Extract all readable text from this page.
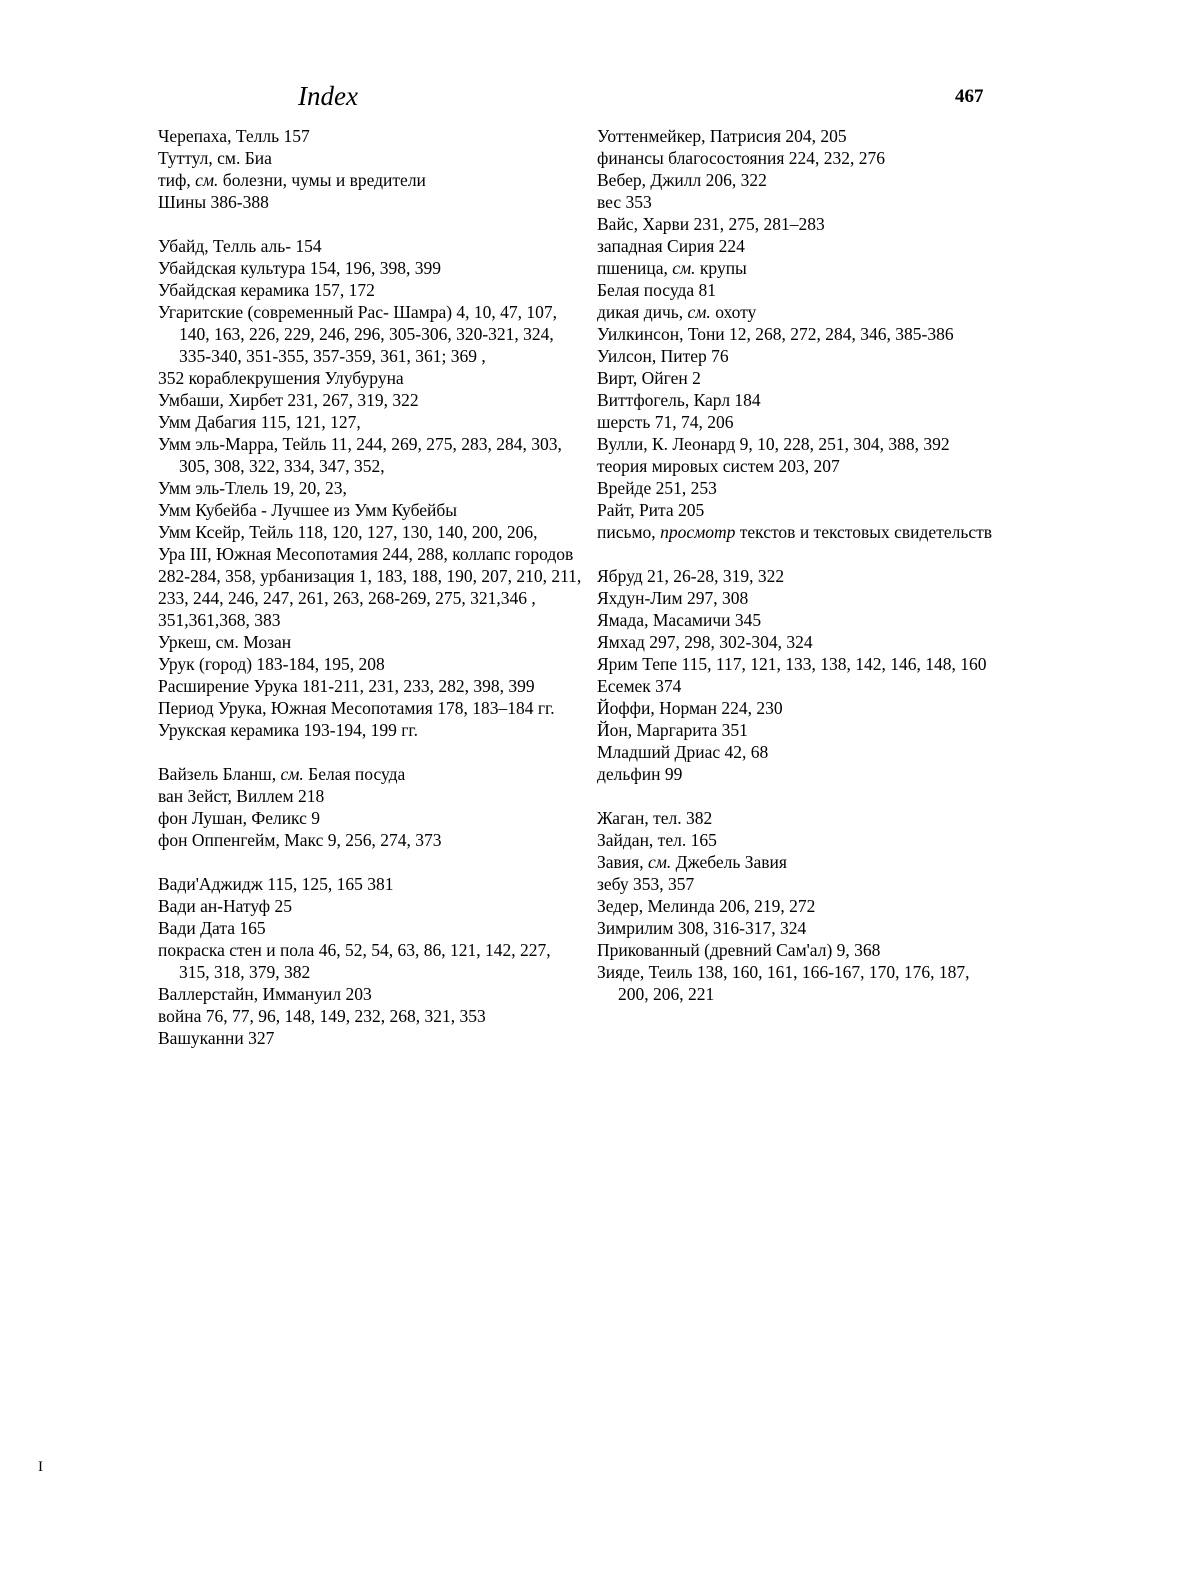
Index	467
Черепаха, Телль 157
Туттул, см. Биа
тиф, см. болезни, чумы и вредители
Шины 386-388
Убайд, Телль аль- 154
Убайдская культура 154, 196, 398, 399
Убайдская керамика 157, 172
Угаритские (современный Рас- Шамра) 4, 10, 47, 107, 140, 163, 226, 229, 246, 296, 305-306, 320-321, 324, 335-340, 351-355, 357-359, 361, 361; 369 ,
352 кораблекрушения Улубуруна
Умбаши, Хирбет 231, 267, 319, 322
Умм Дабагия 115, 121, 127,
Умм эль-Марра, Тейль 11, 244, 269, 275, 283, 284, 303, 305, 308, 322, 334, 347, 352,
Умм эль-Тлель 19, 20, 23,
Умм Кубейба - Лучшее из Умм Кубейбы
Умм Ксейр, Тейль 118, 120, 127, 130, 140, 200, 206,
Ура III, Южная Месопотамия 244, 288, коллапс городов 282-284, 358, урбанизация 1, 183, 188, 190, 207, 210, 211, 233, 244, 246, 247, 261, 263, 268-269, 275, 321,346 , 351,361,368, 383
Уркеш, см. Мозан
Урук (город) 183-184, 195, 208
Расширение Урука 181-211, 231, 233, 282, 398, 399
Период Урука, Южная Месопотамия 178, 183–184 гг.
Урукская керамика 193-194, 199 гг.
Вайзель Бланш, см. Белая посуда
ван Зейст, Виллем 218
фон Лушан, Феликс 9
фон Оппенгейм, Макс 9, 256, 274, 373
Вади'Аджидж 115, 125, 165 381
Вади ан-Натуф 25
Вади Дата 165
покраска стен и пола 46, 52, 54, 63, 86, 121, 142, 227, 315, 318, 379, 382
Валлерстайн, Иммануил 203
война 76, 77, 96, 148, 149, 232, 268, 321, 353
Вашуканни 327
Уоттенмейкер, Патрисия 204, 205
финансы благосостояния 224, 232, 276
Вебер, Джилл 206, 322
вес 353
Вайс, Харви 231, 275, 281–283
западная Сирия 224
пшеница, см. крупы
Белая посуда 81
дикая дичь, см. охоту
Уилкинсон, Тони 12, 268, 272, 284, 346, 385-386
Уилсон, Питер 76
Вирт, Ойген 2
Виттфогель, Карл 184
шерсть 71, 74, 206
Вулли, К. Леонард 9, 10, 228, 251, 304, 388, 392
теория мировых систем 203, 207
Врейде 251, 253
Райт, Рита 205
письмо, просмотр текстов и текстовых свидетельств
Ябруд 21, 26-28, 319, 322
Яхдун-Лим 297, 308
Ямада, Масамичи 345
Ямхад 297, 298, 302-304, 324
Ярим Тепе 115, 117, 121, 133, 138, 142, 146, 148, 160
Есемек 374
Йоффи, Норман 224, 230
Йон, Маргарита 351
Младший Дриас 42, 68
дельфин 99
Жаган, тел. 382
Зайдан, тел. 165
Завия, см. Джебель Завия
зебу 353, 357
Зедер, Мелинда 206, 219, 272
Зимрилим 308, 316-317, 324
Прикованный (древний Сам'ал) 9, 368
Зияде, Теиль 138, 160, 161, 166-167, 170, 176, 187, 200, 206, 221
I
